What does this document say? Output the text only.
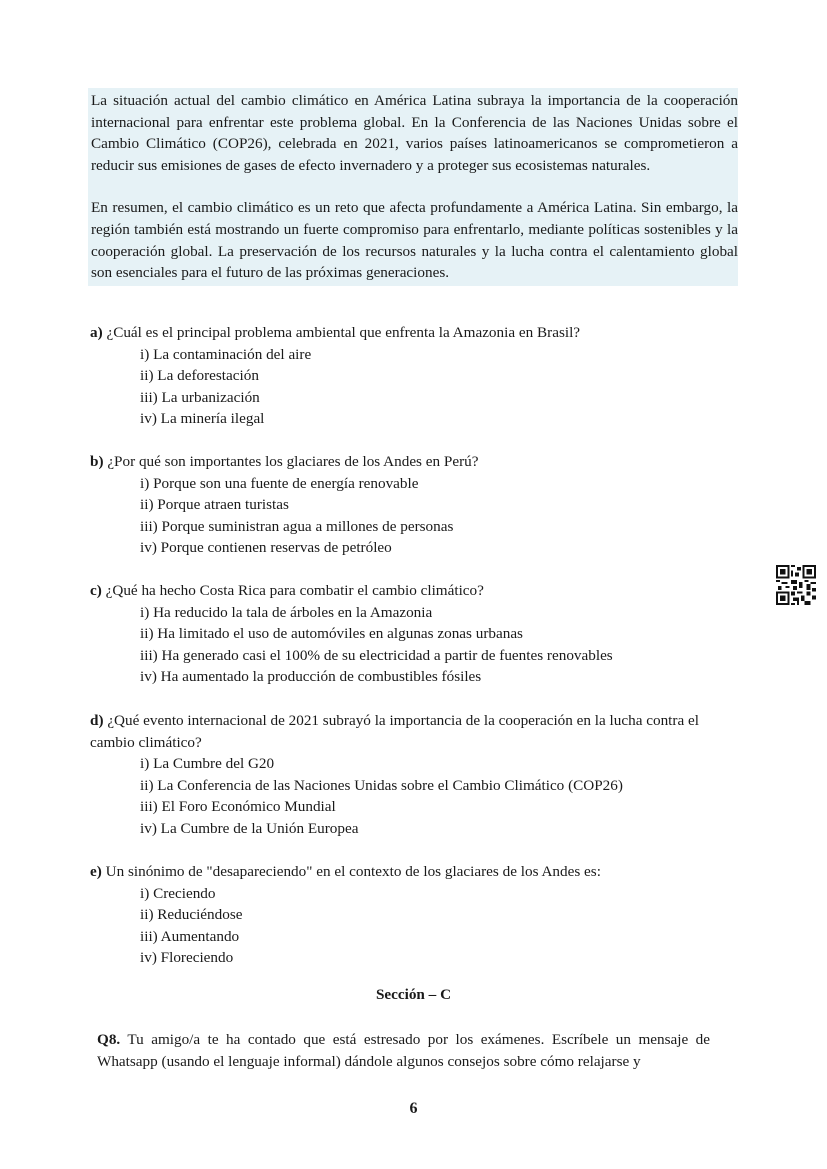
La situación actual del cambio climático en América Latina subraya la importancia de la cooperación internacional para enfrentar este problema global. En la Conferencia de las Naciones Unidas sobre el Cambio Climático (COP26), celebrada en 2021, varios países latinoamericanos se comprometieron a reducir sus emisiones de gases de efecto invernadero y a proteger sus ecosistemas naturales.

En resumen, el cambio climático es un reto que afecta profundamente a América Latina. Sin embargo, la región también está mostrando un fuerte compromiso para enfrentarlo, mediante políticas sostenibles y la cooperación global. La preservación de los recursos naturales y la lucha contra el calentamiento global son esenciales para el futuro de las próximas generaciones.

a) ¿Cuál es el principal problema ambiental que enfrenta la Amazonia en Brasil?

i) La contaminación del aire

ii) La deforestación

iii) La urbanización

iv) La minería ilegal

b) ¿Por qué son importantes los glaciares de los Andes en Perú?

i) Porque son una fuente de energía renovable

ii) Porque atraen turistas

iii) Porque suministran agua a millones de personas

iv) Porque contienen reservas de petróleo

c) ¿Qué ha hecho Costa Rica para combatir el cambio climático?

i) Ha reducido la tala de árboles en la Amazonia

ii) Ha limitado el uso de automóviles en algunas zonas urbanas

iii) Ha generado casi el 100% de su electricidad a partir de fuentes renovables

iv) Ha aumentado la producción de combustibles fósiles

d) ¿Qué evento internacional de 2021 subrayó la importancia de la cooperación en la lucha contra el cambio climático?

i) La Cumbre del G20

ii) La Conferencia de las Naciones Unidas sobre el Cambio Climático (COP26)

iii) El Foro Económico Mundial

iv) La Cumbre de la Unión Europea

e) Un sinónimo de "desapareciendo" en el contexto de los glaciares de los Andes es:

i) Creciendo

ii) Reduciéndose

iii) Aumentando

iv) Floreciendo

Sección – C

Q8. Tu amigo/a te ha contado que está estresado por los exámenes. Escríbele un mensaje de Whatsapp (usando el lenguaje informal) dándole algunos consejos sobre cómo relajarse y

6
